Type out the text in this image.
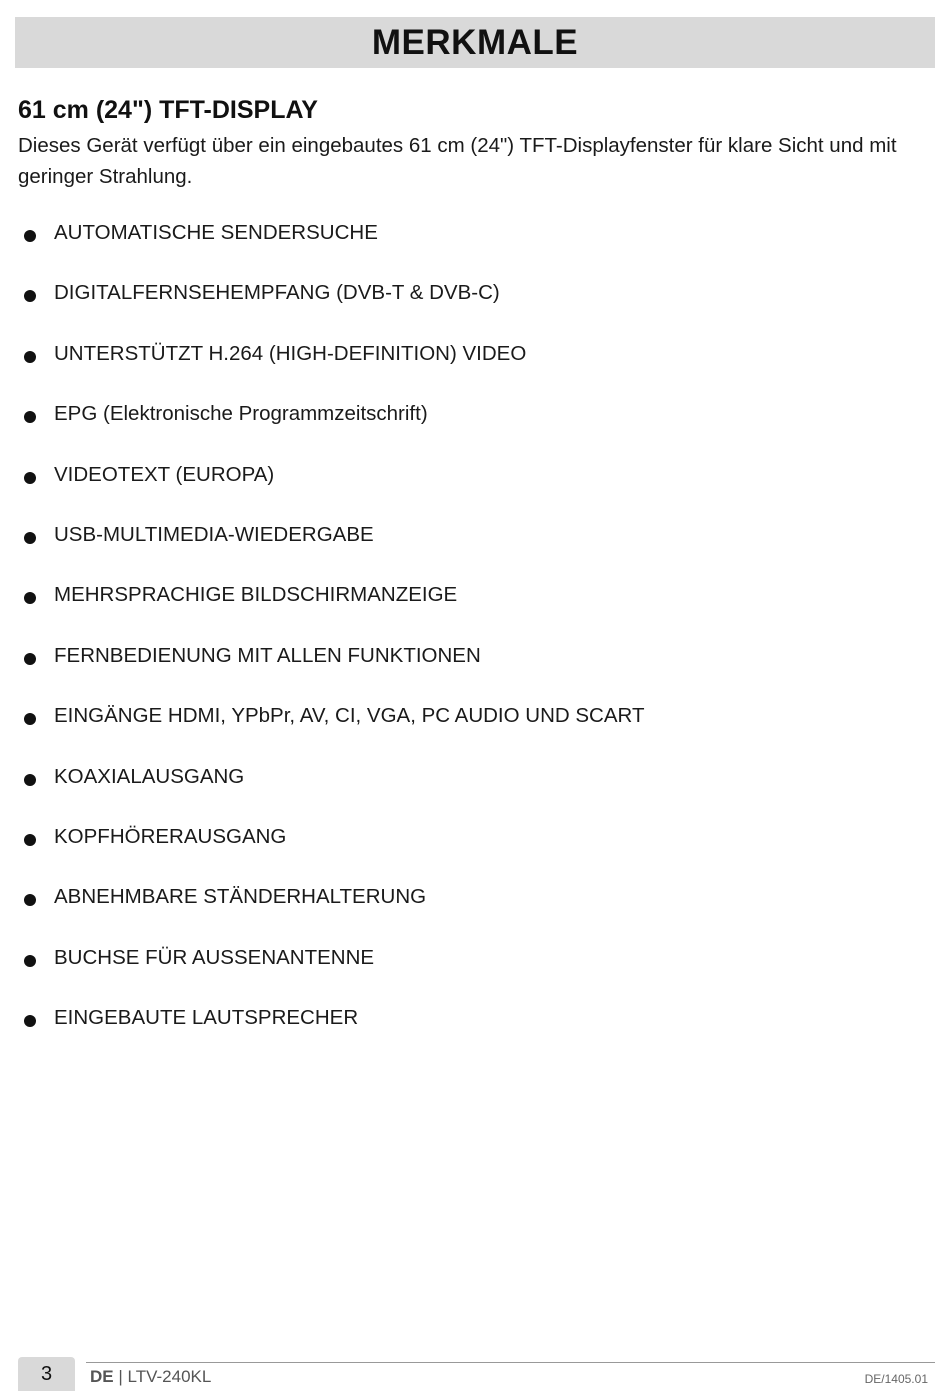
MERKMALE
61 cm (24") TFT-DISPLAY

Dieses Gerät verfügt über ein eingebautes 61 cm (24") TFT-Displayfenster für klare Sicht und mit geringer Strahlung.

AUTOMATISCHE SENDERSUCHE
DIGITALFERNSEHEMPFANG (DVB-T & DVB-C)
UNTERSTÜTZT H.264 (HIGH-DEFINITION) VIDEO
EPG (Elektronische Programmzeitschrift)
VIDEOTEXT (EUROPA)
USB-MULTIMEDIA-WIEDERGABE
MEHRSPRACHIGE BILDSCHIRMANZEIGE
FERNBEDIENUNG MIT ALLEN FUNKTIONEN
EINGÄNGE HDMI, YPbPr, AV, CI, VGA, PC AUDIO UND SCART
KOAXIALAUSGANG
KOPFHÖRERAUSGANG
ABNEHMBARE STÄNDERHALTERUNG
BUCHSE FÜR AUSSENANTENNE
EINGEBAUTE LAUTSPRECHER
3	DE | LTV-240KL	DE/1405.01
